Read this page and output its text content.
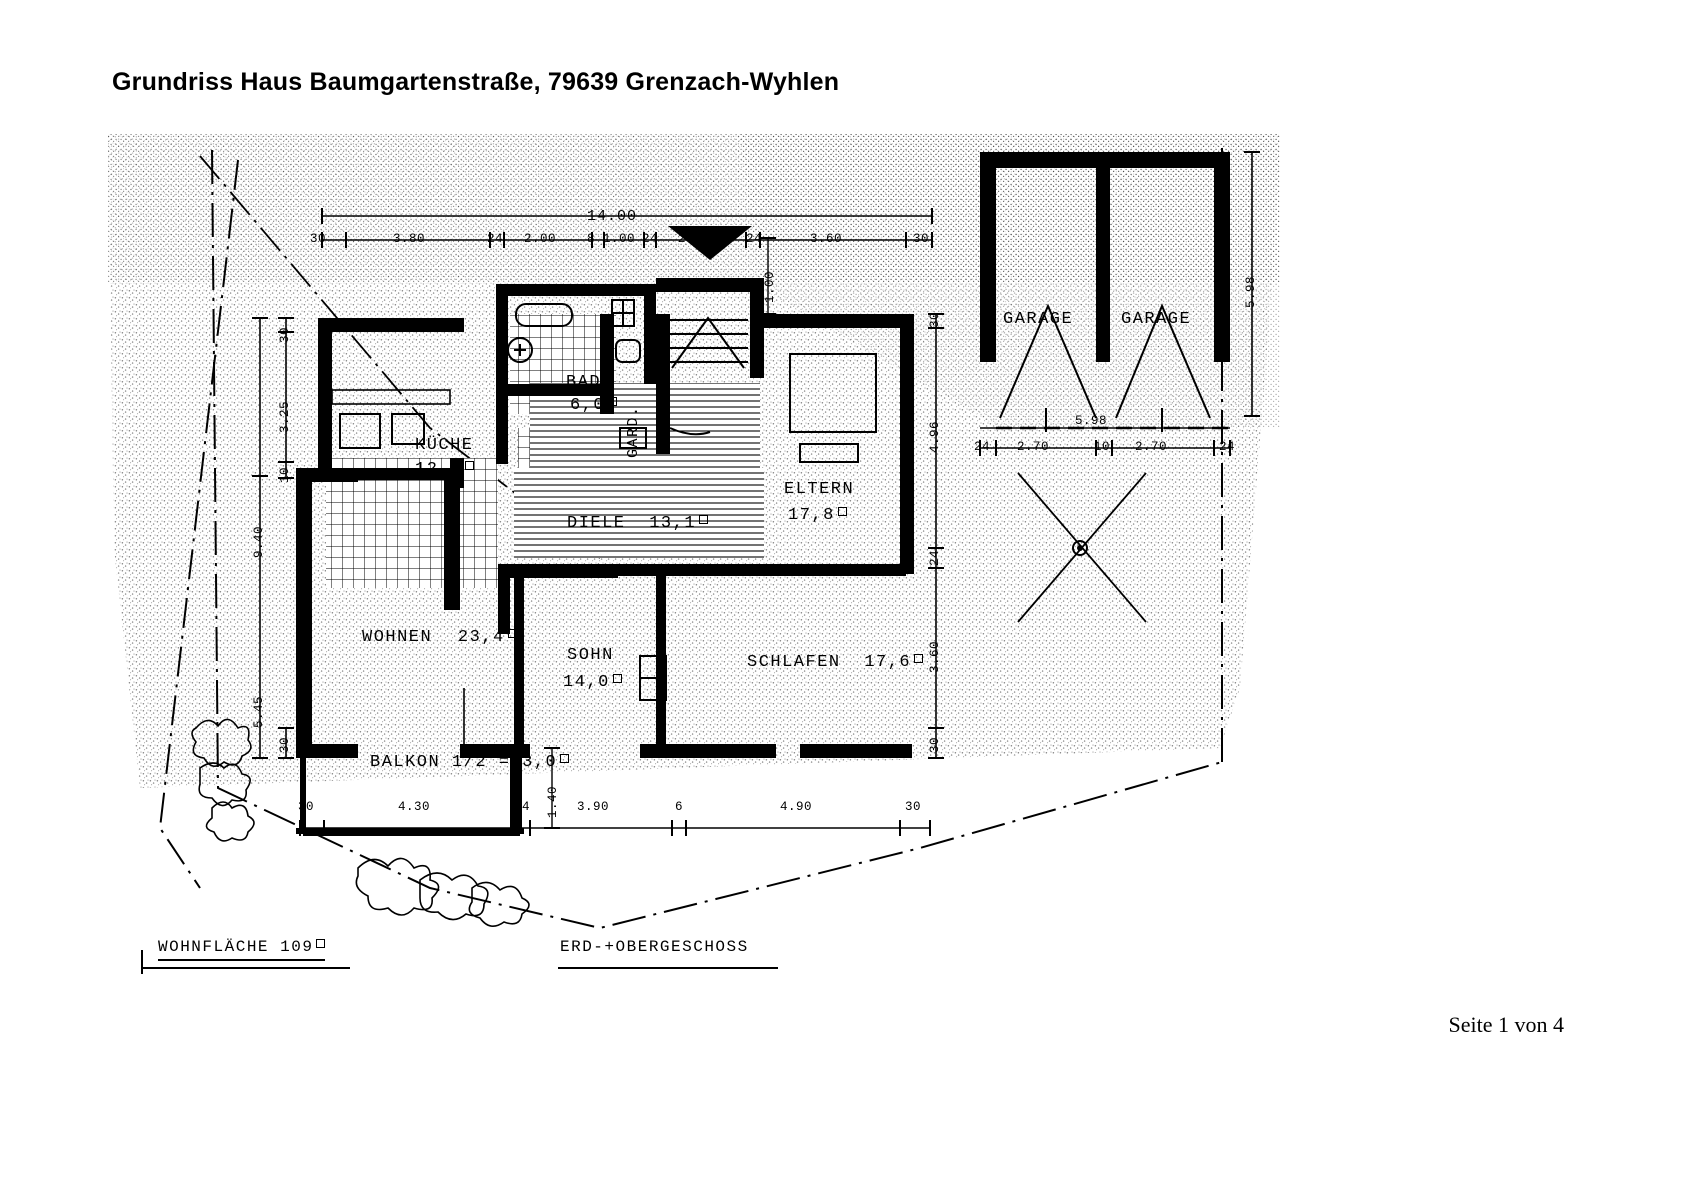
Grundriss Haus Baumgartenstraße, 79639 Grenzach-Wyhlen
14.00
30	3.80	24 2.00 8 1.00 24 2.20	24	3.60	30
9.40
5.45
30
3.25
10
30
30	4.30	24	3.90	6	4.90	30
30
4.96
24
3.60
30
1.00
1.40
5.98
5.98
24 2.70	10 2.70	24
BAD
6,0
KÜCHE
12,3
GARD.
DIELE 13,1
ELTERN
17,8
WOHNEN 23,4
SOHN
14,0
SCHLAFEN 17,6
BALKON 1/2 = 3,0
GARAGE	GARAGE
WOHNFLÄCHE 109	ERD-+OBERGESCHOSS
Seite 1 von 4
